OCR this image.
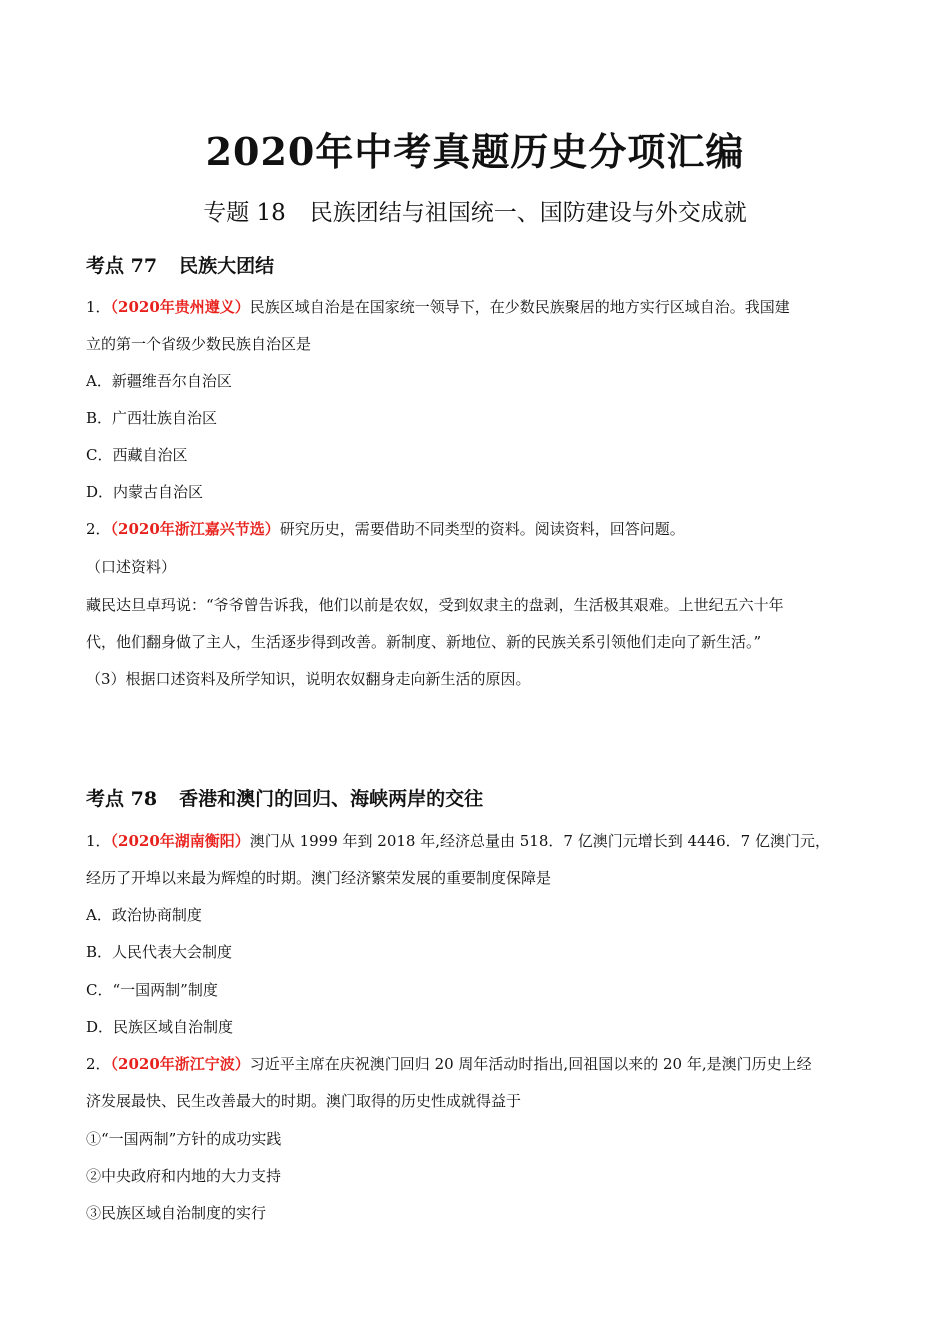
2020年中考真题历史分项汇编
专题 18 民族团结与祖国统一、国防建设与外交成就
考点 77 民族大团结
1．（2020年贵州遵义）民族区域自治是在国家统一领导下，在少数民族聚居的地方实行区域自治。我国建
立的第一个省级少数民族自治区是
A．新疆维吾尔自治区
B．广西壮族自治区
C．西藏自治区
D．内蒙古自治区
2．（2020年浙江嘉兴节选）研究历史，需要借助不同类型的资料。阅读资料，回答问题。
（口述资料）
藏民达旦卓玛说：“爷爷曾告诉我，他们以前是农奴，受到奴隶主的盘剥，生活极其艰难。上世纪五六十年
代，他们翻身做了主人，生活逐步得到改善。新制度、新地位、新的民族关系引领他们走向了新生活。”
（3）根据口述资料及所学知识，说明农奴翻身走向新生活的原因。
考点 78 香港和澳门的回归、海峡两岸的交往
1．（2020年湖南衡阳）澳门从 1999 年到 2018 年,经济总量由 518．7 亿澳门元增长到 4446．7 亿澳门元，
经历了开埠以来最为辉煌的时期。澳门经济繁荣发展的重要制度保障是
A．政治协商制度
B．人民代表大会制度
C．“一国两制”制度
D．民族区域自治制度
2．（2020年浙江宁波）习近平主席在庆祝澳门回归 20 周年活动时指出,回祖国以来的 20 年,是澳门历史上经
济发展最快、民生改善最大的时期。澳门取得的历史性成就得益于
①“一国两制”方针的成功实践
②中央政府和内地的大力支持
③民族区域自治制度的实行
